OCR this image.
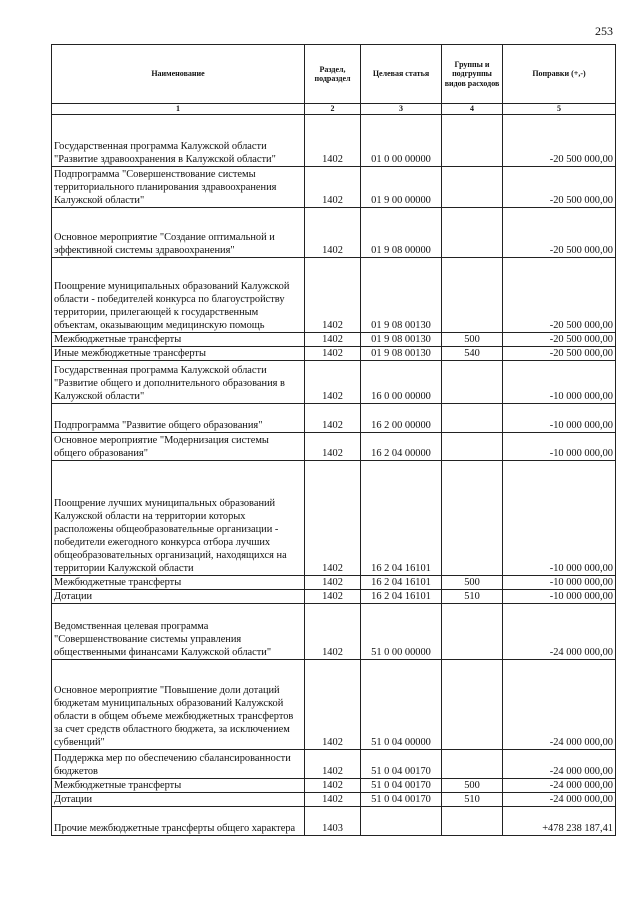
253
Наименование	Раздел, подраздел	Целевая статья	Группы и подгруппы видов расходов	Поправки (+,-)
1	2	3	4	5
Государственная программа Калужской области "Развитие здравоохранения в Калужской области"	1402	01 0 00 00000		-20 500 000,00
Подпрограмма "Совершенствование системы территориального планирования здравоохранения Калужской области"	1402	01 9 00 00000		-20 500 000,00
Основное мероприятие "Создание оптимальной и эффективной системы здравоохранения"	1402	01 9 08 00000		-20 500 000,00
Поощрение муниципальных образований Калужской области - победителей конкурса по благоустройству территории, прилегающей к государственным объектам, оказывающим медицинскую помощь	1402	01 9 08 00130		-20 500 000,00
Межбюджетные трансферты	1402	01 9 08 00130	500	-20 500 000,00
Иные межбюджетные трансферты	1402	01 9 08 00130	540	-20 500 000,00
Государственная программа Калужской области "Развитие общего и дополнительного образования в Калужской области"	1402	16 0 00 00000		-10 000 000,00
Подпрограмма "Развитие общего образования"	1402	16 2 00 00000		-10 000 000,00
Основное мероприятие "Модернизация системы общего образования"	1402	16 2 04 00000		-10 000 000,00
Поощрение лучших муниципальных образований Калужской области на территории которых расположены общеобразовательные организации - победители ежегодного конкурса отбора лучших общеобразовательных организаций, находящихся на территории Калужской области	1402	16 2 04 16101		-10 000 000,00
Межбюджетные трансферты	1402	16 2 04 16101	500	-10 000 000,00
Дотации	1402	16 2 04 16101	510	-10 000 000,00
Ведомственная целевая программа "Совершенствование системы управления общественными финансами Калужской области"	1402	51 0 00 00000		-24 000 000,00
Основное мероприятие "Повышение доли дотаций бюджетам муниципальных образований Калужской области в общем объеме межбюджетных трансфертов за счет средств областного бюджета, за исключением субвенций"	1402	51 0 04 00000		-24 000 000,00
Поддержка мер по обеспечению сбалансированности бюджетов	1402	51 0 04 00170		-24 000 000,00
Межбюджетные трансферты	1402	51 0 04 00170	500	-24 000 000,00
Дотации	1402	51 0 04 00170	510	-24 000 000,00
Прочие межбюджетные трансферты общего характера	1403			+478 238 187,41
